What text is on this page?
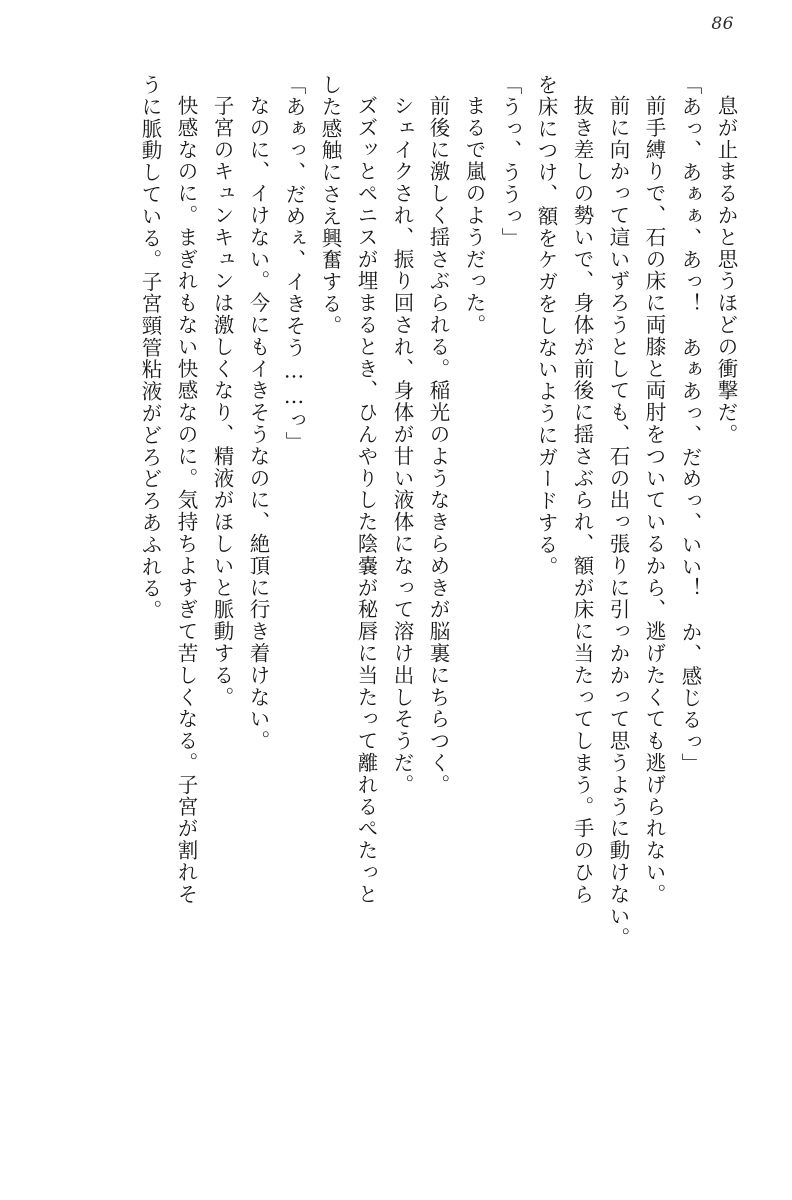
86

息が止まるかと思うほどの衝撃だ。

「あっ、あぁぁ、あっ！　あぁあっ、だめっ、いい！　か、感じるっ」

前手縛りで、石の床に両膝と両肘をついているから、逃げたくても逃げられない。

前に向かって這いずろうとしても、石の出っ張りに引っかかって思うように動けない。

抜き差しの勢いで、身体が前後に揺さぶられ、額が床に当たってしまう。手のひら

を床につけ、額をケガをしないようにガードする。

「うっ、ううっ」

まるで嵐のようだった。

前後に激しく揺さぶられる。稲光のようなきらめきが脳裏にちらつく。

シェイクされ、振り回され、身体が甘い液体になって溶け出しそうだ。

ズズッとペニスが埋まるとき、ひんやりした陰嚢が秘唇に当たって離れるぺたっと

した感触にさえ興奮する。

「あぁっ、だめぇ、イきそう……っ」

なのに、イけない。今にもイきそうなのに、絶頂に行き着けない。

子宮のキュンキュンは激しくなり、精液がほしいと脈動する。

快感なのに。まぎれもない快感なのに。気持ちよすぎて苦しくなる。子宮が割れそ

うに脈動している。子宮頸管粘液がどろどろあふれる。
